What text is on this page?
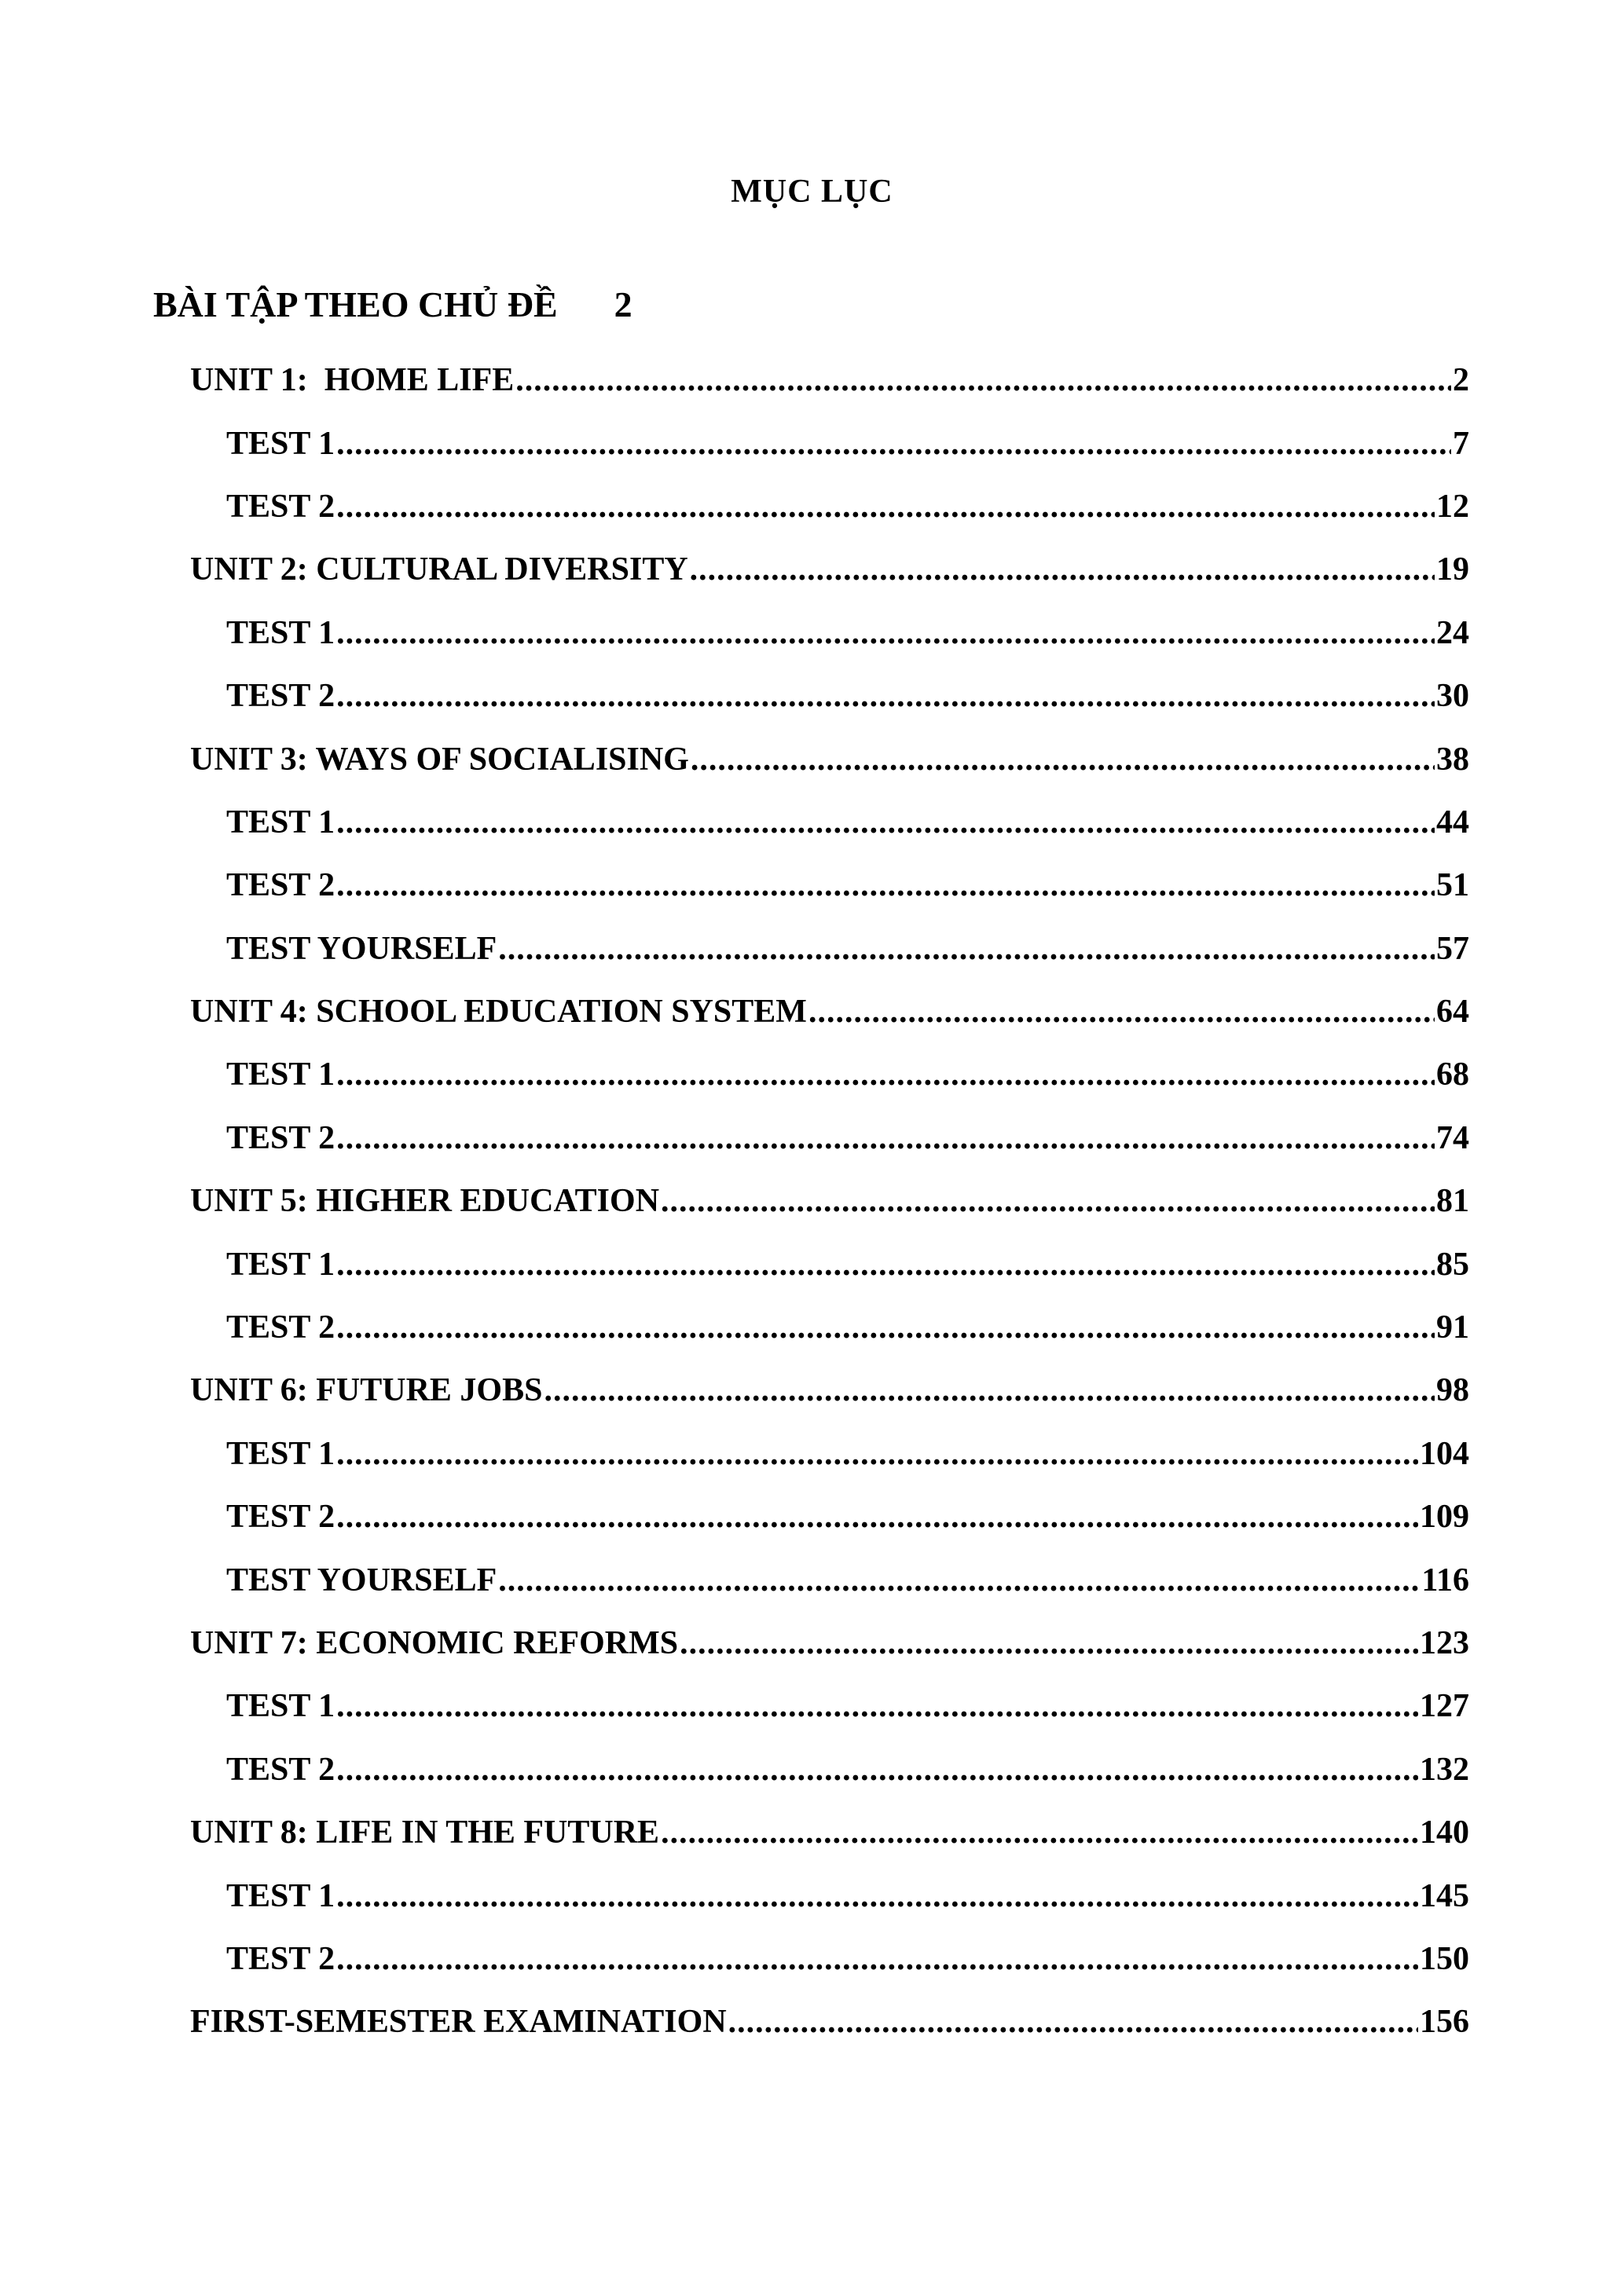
MỤC LỤC
BÀI TẬP THEO CHỦ ĐỀ 2
UNIT 1:  HOME LIFE .....	2
TEST 1 .....	7
TEST 2 .....	12
UNIT 2: CULTURAL DIVERSITY .....	19
TEST 1 .....	24
TEST 2 .....	30
UNIT 3: WAYS OF SOCIALISING .....	38
TEST 1 .....	44
TEST 2 .....	51
TEST YOURSELF .....	57
UNIT 4: SCHOOL EDUCATION SYSTEM .....	64
TEST 1 .....	68
TEST 2 .....	74
UNIT 5: HIGHER EDUCATION .....	81
TEST 1 .....	85
TEST 2 .....	91
UNIT 6: FUTURE JOBS .....	98
TEST 1 .....	104
TEST 2 .....	109
TEST YOURSELF .....	116
UNIT 7: ECONOMIC REFORMS .....	123
TEST 1 .....	127
TEST 2 .....	132
UNIT 8: LIFE IN THE FUTURE .....	140
TEST 1 .....	145
TEST 2 .....	150
FIRST-SEMESTER EXAMINATION .....	156
